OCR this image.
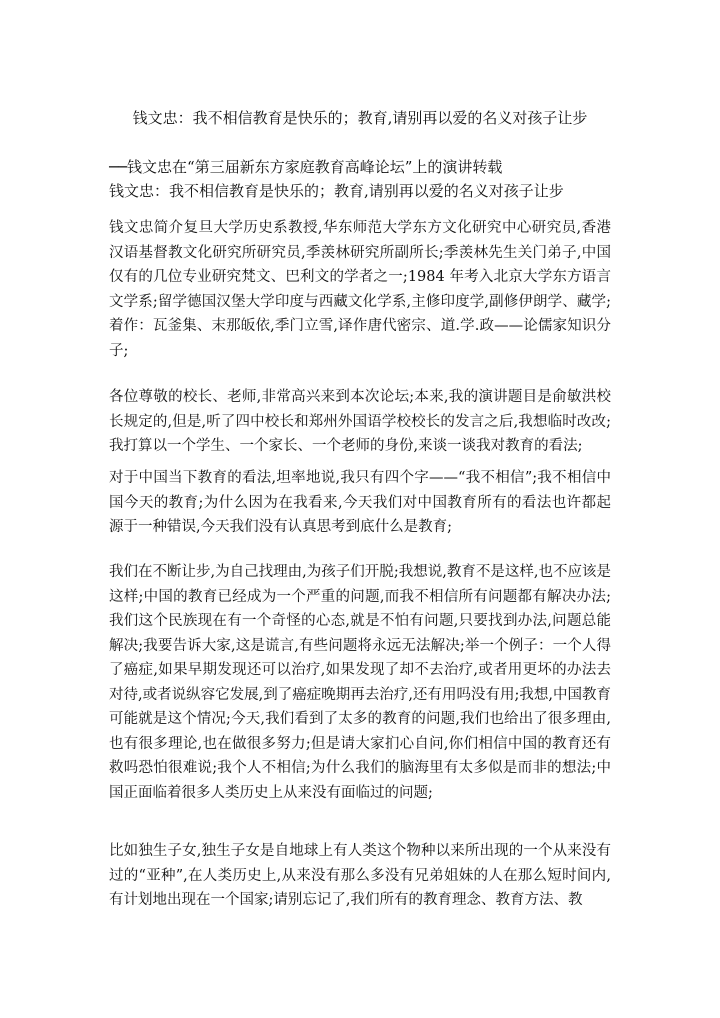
钱文忠：我不相信教育是快乐的；教育,请别再以爱的名义对孩子让步
──钱文忠在“第三届新东方家庭教育高峰论坛”上的演讲转载
钱文忠：我不相信教育是快乐的；教育,请别再以爱的名义对孩子让步
钱文忠简介复旦大学历史系教授,华东师范大学东方文化研究中心研究员,香港汉语基督教文化研究所研究员,季羡林研究所副所长;季羡林先生关门弟子,中国仅有的几位专业研究梵文、巴利文的学者之一;1984 年考入北京大学东方语言文学系;留学德国汉堡大学印度与西藏文化学系,主修印度学,副修伊朗学、藏学;着作：瓦釜集、末那皈依,季门立雪,译作唐代密宗、道.学.政——论儒家知识分子;
各位尊敬的校长、老师,非常高兴来到本次论坛;本来,我的演讲题目是俞敏洪校长规定的,但是,听了四中校长和郑州外国语学校校长的发言之后,我想临时改改;我打算以一个学生、一个家长、一个老师的身份,来谈一谈我对教育的看法;
对于中国当下教育的看法,坦率地说,我只有四个字——“我不相信”;我不相信中国今天的教育;为什么因为在我看来,今天我们对中国教育所有的看法也许都起源于一种错误,今天我们没有认真思考到底什么是教育;
我们在不断让步,为自己找理由,为孩子们开脱;我想说,教育不是这样,也不应该是这样;中国的教育已经成为一个严重的问题,而我不相信所有问题都有解决办法;我们这个民族现在有一个奇怪的心态,就是不怕有问题,只要找到办法,问题总能解决;我要告诉大家,这是谎言,有些问题将永远无法解决;举一个例子：一个人得了癌症,如果早期发现还可以治疗,如果发现了却不去治疗,或者用更坏的办法去对待,或者说纵容它发展,到了癌症晚期再去治疗,还有用吗没有用;我想,中国教育可能就是这个情况;今天,我们看到了太多的教育的问题,我们也给出了很多理由,也有很多理论,也在做很多努力;但是请大家扪心自问,你们相信中国的教育还有救吗恐怕很难说;我个人不相信;为什么我们的脑海里有太多似是而非的想法;中国正面临着很多人类历史上从来没有面临过的问题;
比如独生子女,独生子女是自地球上有人类这个物种以来所出现的一个从来没有过的“亚种”,在人类历史上,从来没有那么多没有兄弟姐妹的人在那么短时间内,有计划地出现在一个国家;请别忘记了,我们所有的教育理念、教育方法、教
